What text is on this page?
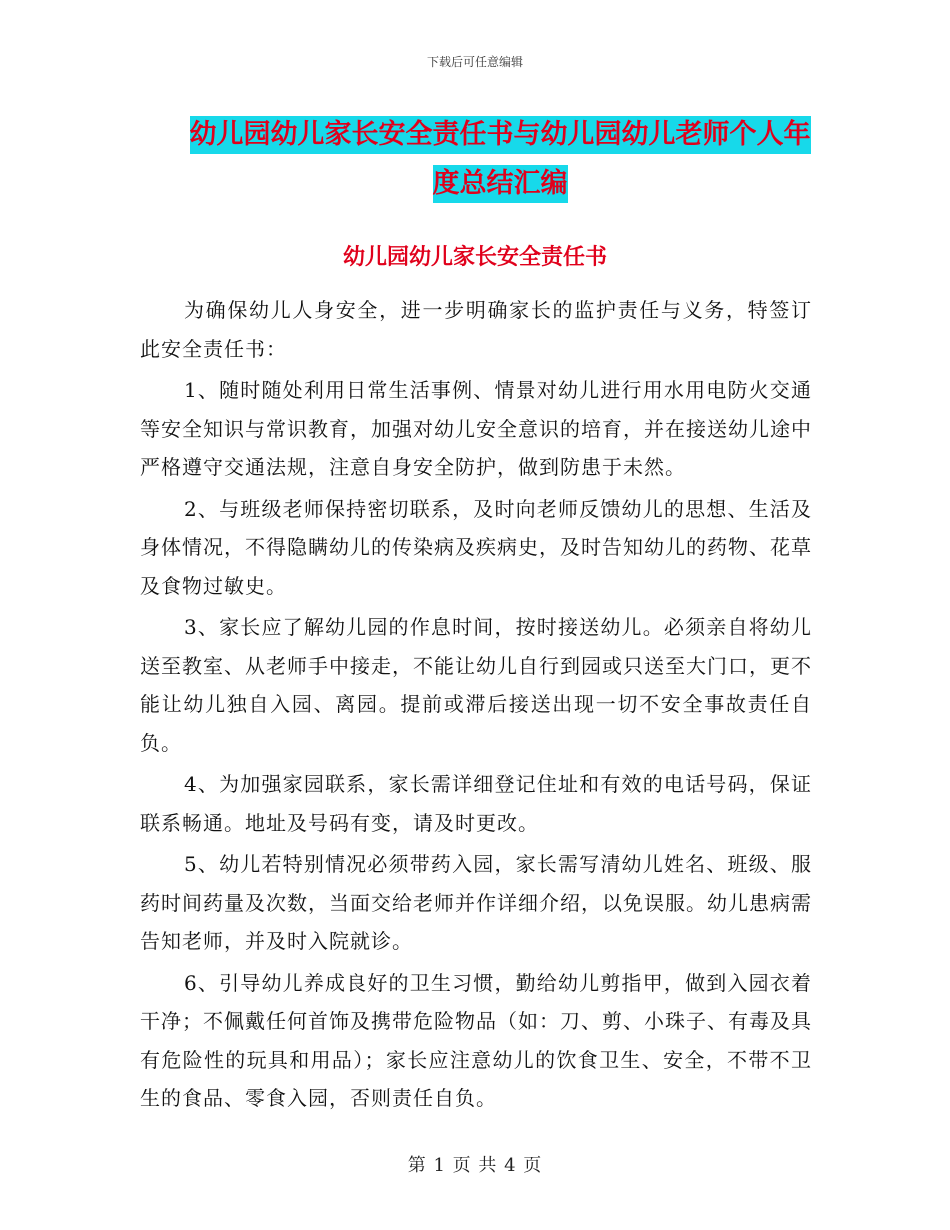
下载后可任意编辑
幼儿园幼儿家长安全责任书与幼儿园幼儿老师个人年
度总结汇编
幼儿园幼儿家长安全责任书

为确保幼儿人身安全，进一步明确家长的监护责任与义务，特签订此安全责任书：

1、随时随处利用日常生活事例、情景对幼儿进行用水用电防火交通等安全知识与常识教育，加强对幼儿安全意识的培育，并在接送幼儿途中严格遵守交通法规，注意自身安全防护，做到防患于未然。

2、与班级老师保持密切联系，及时向老师反馈幼儿的思想、生活及身体情况，不得隐瞒幼儿的传染病及疾病史，及时告知幼儿的药物、花草及食物过敏史。

3、家长应了解幼儿园的作息时间，按时接送幼儿。必须亲自将幼儿送至教室、从老师手中接走，不能让幼儿自行到园或只送至大门口，更不能让幼儿独自入园、离园。提前或滞后接送出现一切不安全事故责任自负。

4、为加强家园联系，家长需详细登记住址和有效的电话号码，保证联系畅通。地址及号码有变，请及时更改。

5、幼儿若特别情况必须带药入园，家长需写清幼儿姓名、班级、服药时间药量及次数，当面交给老师并作详细介绍，以免误服。幼儿患病需告知老师，并及时入院就诊。

6、引导幼儿养成良好的卫生习惯，勤给幼儿剪指甲，做到入园衣着干净；不佩戴任何首饰及携带危险物品（如：刀、剪、小珠子、有毒及具有危险性的玩具和用品）；家长应注意幼儿的饮食卫生、安全，不带不卫生的食品、零食入园，否则责任自负。

第 1 页 共 4 页
